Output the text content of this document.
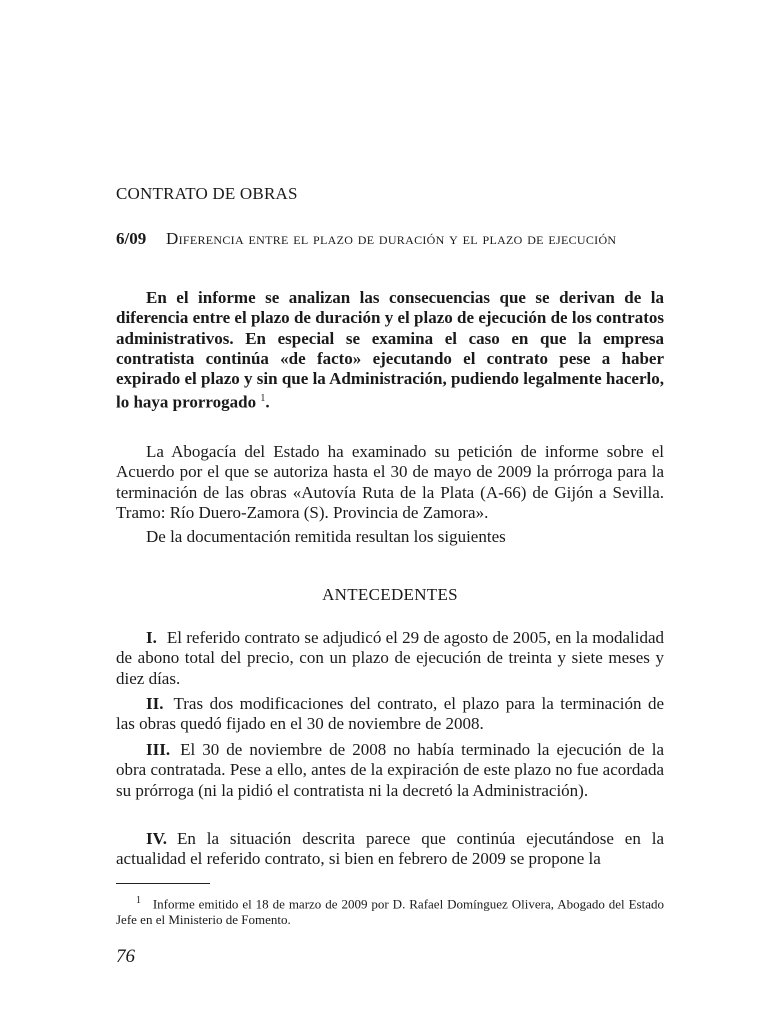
CONTRATO DE OBRAS
6/09 Diferencia entre el plazo de duración y el plazo de ejecución

En el informe se analizan las consecuencias que se derivan de la diferencia entre el plazo de duración y el plazo de ejecución de los contratos administrativos. En especial se examina el caso en que la empresa contratista continúa «de facto» ejecutando el contrato pese a haber expirado el plazo y sin que la Administración, pudiendo legalmente hacerlo, lo haya prorrogado $^1$.

La Abogacía del Estado ha examinado su petición de informe sobre el Acuerdo por el que se autoriza hasta el 30 de mayo de 2009 la prórroga para la terminación de las obras «Autovía Ruta de la Plata (A-66) de Gijón a Sevilla. Tramo: Río Duero-Zamora (S). Provincia de Zamora».

De la documentación remitida resultan los siguientes

ANTECEDENTES

I. El referido contrato se adjudicó el 29 de agosto de 2005, en la modalidad de abono total del precio, con un plazo de ejecución de treinta y siete meses y diez días.

II. Tras dos modificaciones del contrato, el plazo para la terminación de las obras quedó fijado en el 30 de noviembre de 2008.

III. El 30 de noviembre de 2008 no había terminado la ejecución de la obra contratada. Pese a ello, antes de la expiración de este plazo no fue acordada su prórroga (ni la pidió el contratista ni la decretó la Administración).

IV. En la situación descrita parece que continúa ejecutándose en la actualidad el referido contrato, si bien en febrero de 2009 se propone la

$^1$ Informe emitido el 18 de marzo de 2009 por D. Rafael Domínguez Olivera, Abogado del Estado Jefe en el Ministerio de Fomento.

76
